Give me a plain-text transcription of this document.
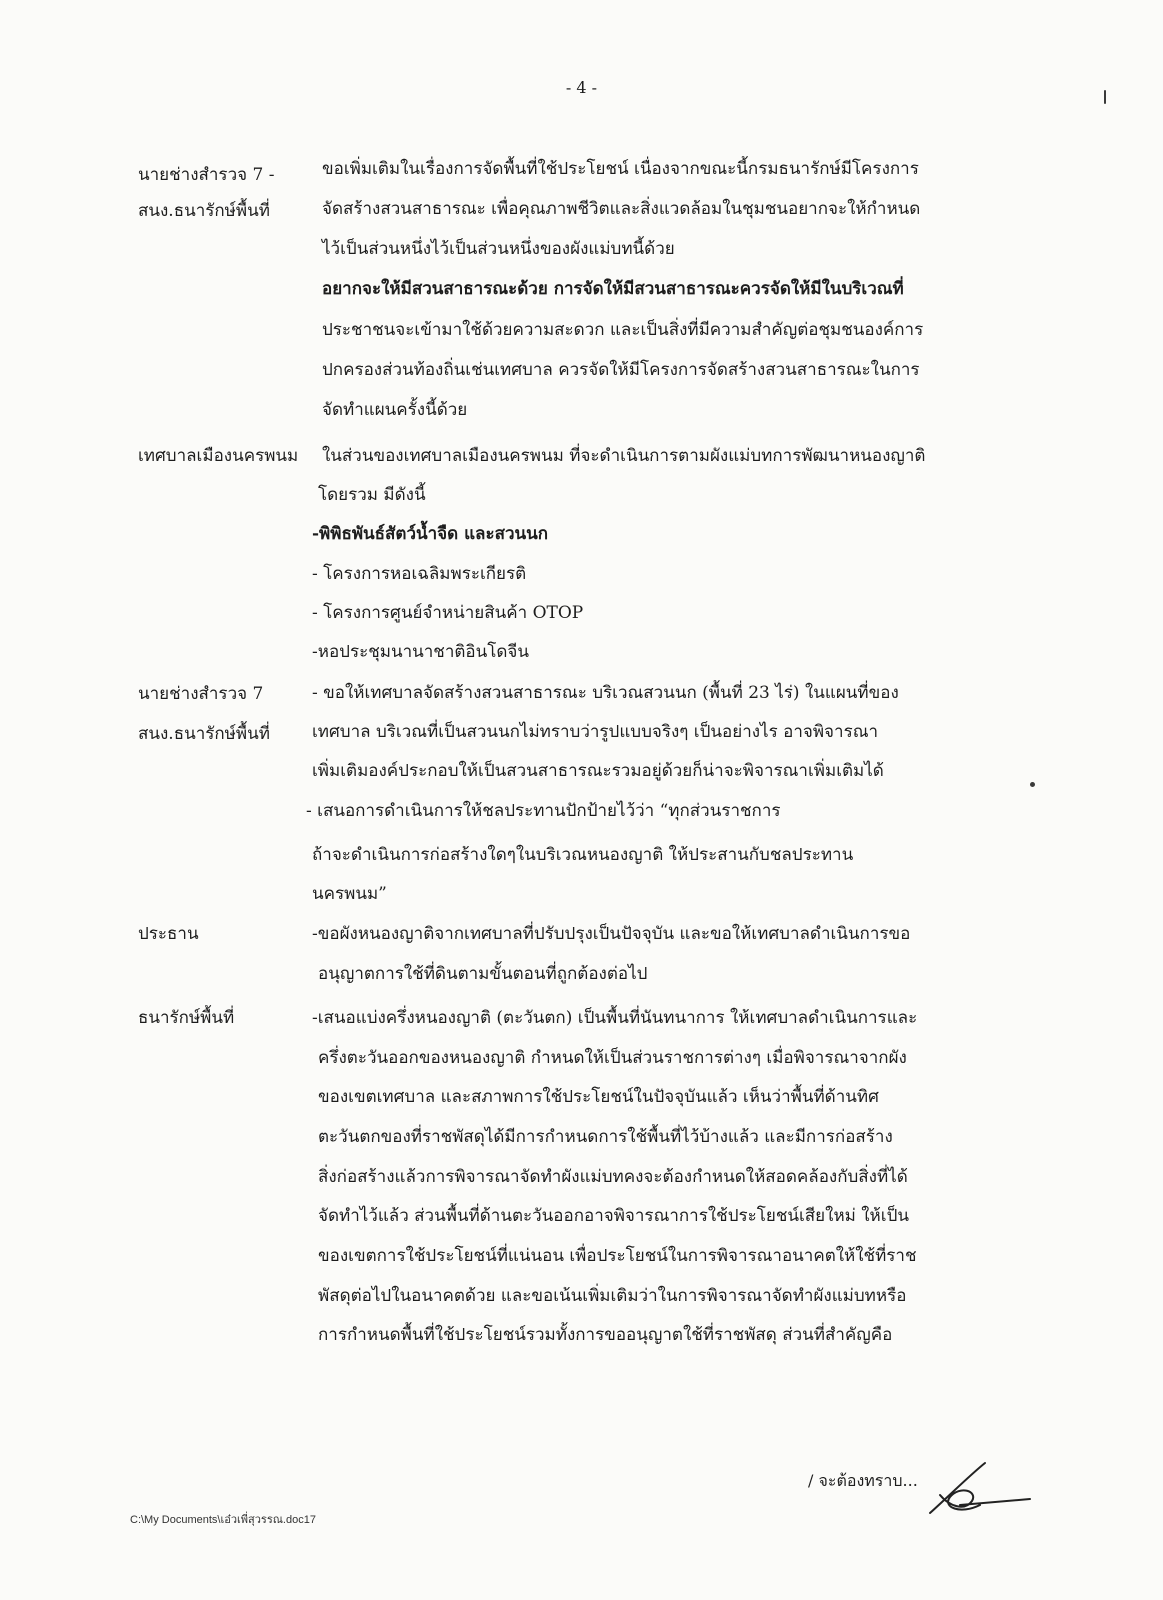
- 4 -
นายช่างสำรวจ 7 -
สนง.ธนารักษ์พื้นที่
ขอเพิ่มเติมในเรื่องการจัดพื้นที่ใช้ประโยชน์ เนื่องจากขณะนี้กรมธนารักษ์มีโครงการ
จัดสร้างสวนสาธารณะ เพื่อคุณภาพชีวิตและสิ่งแวดล้อมในชุมชนอยากจะให้กำหนด
ไว้เป็นส่วนหนึ่งไว้เป็นส่วนหนึ่งของผังแม่บทนี้ด้วย
อยากจะให้มีสวนสาธารณะด้วย การจัดให้มีสวนสาธารณะควรจัดให้มีในบริเวณที่
ประชาชนจะเข้ามาใช้ด้วยความสะดวก และเป็นสิ่งที่มีความสำคัญต่อชุมชนองค์การ
ปกครองส่วนท้องถิ่นเช่นเทศบาล ควรจัดให้มีโครงการจัดสร้างสวนสาธารณะในการ
จัดทำแผนครั้งนี้ด้วย
เทศบาลเมืองนครพนม ในส่วนของเทศบาลเมืองนครพนม ที่จะดำเนินการตามผังแม่บทการพัฒนาหนองญาติ
โดยรวม มีดังนี้
-พิพิธพันธ์สัตว์น้ำจืด และสวนนก
- โครงการหอเฉลิมพระเกียรติ
- โครงการศูนย์จำหน่ายสินค้า OTOP
-หอประชุมนานาชาติอินโดจีน
นายช่างสำรวจ 7
สนง.ธนารักษ์พื้นที่
- ขอให้เทศบาลจัดสร้างสวนสาธารณะ บริเวณสวนนก (พื้นที่ 23 ไร่) ในแผนที่ของ
เทศบาล บริเวณที่เป็นสวนนกไม่ทราบว่ารูปแบบจริงๆ เป็นอย่างไร อาจพิจารณา
เพิ่มเติมองค์ประกอบให้เป็นสวนสาธารณะรวมอยู่ด้วยก็น่าจะพิจารณาเพิ่มเติมได้
- เสนอการดำเนินการให้ชลประทานปักป้ายไว้ว่า “ทุกส่วนราชการ
ถ้าจะดำเนินการก่อสร้างใดๆในบริเวณหนองญาติ ให้ประสานกับชลประทาน
นครพนม”
ประธาน	-ขอผังหนองญาติจากเทศบาลที่ปรับปรุงเป็นปัจจุบัน และขอให้เทศบาลดำเนินการขอ
อนุญาตการใช้ที่ดินตามขั้นตอนที่ถูกต้องต่อไป
ธนารักษ์พื้นที่	-เสนอแบ่งครึ่งหนองญาติ (ตะวันตก) เป็นพื้นที่นันทนาการ ให้เทศบาลดำเนินการและ
ครึ่งตะวันออกของหนองญาติ กำหนดให้เป็นส่วนราชการต่างๆ เมื่อพิจารณาจากผัง
ของเขตเทศบาล และสภาพการใช้ประโยชน์ในปัจจุบันแล้ว เห็นว่าพื้นที่ด้านทิศ
ตะวันตกของที่ราชพัสดุได้มีการกำหนดการใช้พื้นที่ไว้บ้างแล้ว และมีการก่อสร้าง
สิ่งก่อสร้างแล้วการพิจารณาจัดทำผังแม่บทคงจะต้องกำหนดให้สอดคล้องกับสิ่งที่ได้
จัดทำไว้แล้ว ส่วนพื้นที่ด้านตะวันออกอาจพิจารณาการใช้ประโยชน์เสียใหม่ ให้เป็น
ของเขตการใช้ประโยชน์ที่แน่นอน เพื่อประโยชน์ในการพิจารณาอนาคตให้ใช้ที่ราช
พัสดุต่อไปในอนาคตด้วย และขอเน้นเพิ่มเติมว่าในการพิจารณาจัดทำผังแม่บทหรือ
การกำหนดพื้นที่ใช้ประโยชน์รวมทั้งการขออนุญาตใช้ที่ราชพัสดุ ส่วนที่สำคัญคือ
/ จะต้องทราบ...
C:\My Documents\เอ๋วเพี่สุวรรณ.doc17
